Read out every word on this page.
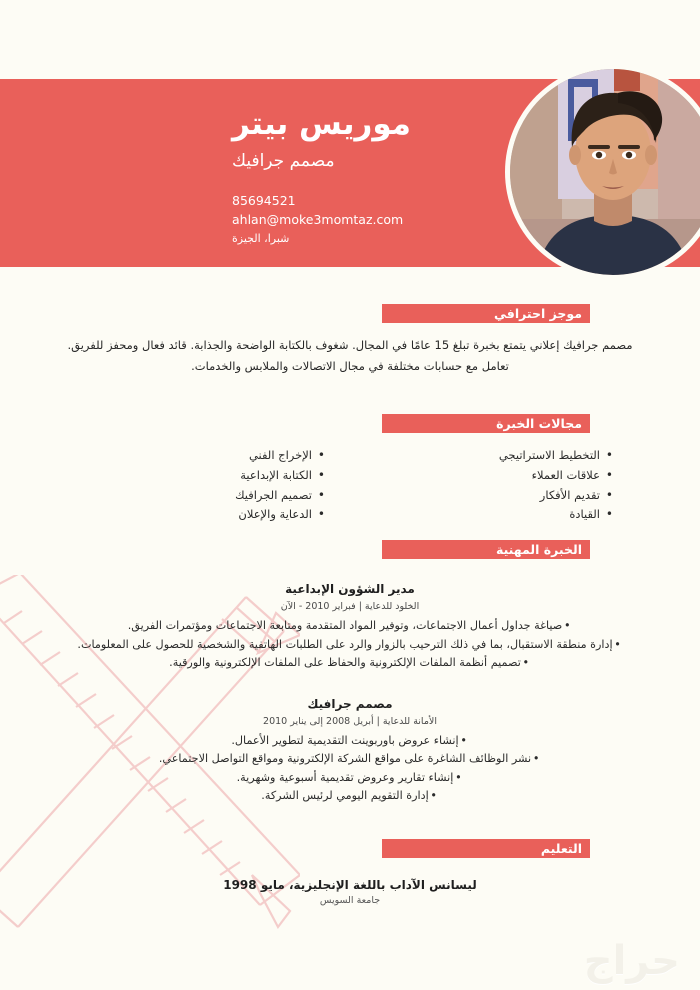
حراج
موريس بيتر
مصمم جرافيك
85694521
ahlan@moke3momtaz.com
شبرا، الجيزة
موجز احترافي
مصمم جرافيك إعلاني يتمتع بخبرة تبلغ 15 عامًا في المجال. شغوف بالكتابة الواضحة والجذابة. قائد فعال ومحفز للفريق. تعامل مع حسابات مختلفة في مجال الاتصالات والملابس والخدمات.
مجالات الخبرة
• الإخراج الفني
• الكتابة الإبداعية
• تصميم الجرافيك
• الدعاية والإعلان
• التخطيط الاستراتيجي
• علاقات العملاء
• تقديم الأفكار
• القيادة
الخبرة المهنية
مدير الشؤون الإبداعية
الخلود للدعاية | فبراير 2010 - الآن
•صياغة جداول أعمال الاجتماعات، وتوفير المواد المتقدمة ومتابعة الاجتماعات ومؤتمرات الفريق.
•إدارة منطقة الاستقبال، بما في ذلك الترحيب بالزوار والرد على الطلبات الهاتفية والشخصية للحصول على المعلومات.
•تصميم أنظمة الملفات الإلكترونية والحفاظ على الملفات الإلكترونية والورقية.
مصمم جرافيك
الأمانة للدعاية | أبريل 2008 إلى يناير 2010
•إنشاء عروض باوربوينت التقديمية لتطوير الأعمال.
•نشر الوظائف الشاغرة على مواقع الشركة الإلكترونية ومواقع التواصل الاجتماعي.
•إنشاء تقارير وعروض تقديمية أسبوعية وشهرية.
•إدارة التقويم اليومي لرئيس الشركة.
التعليم
ليسانس الآداب باللغة الإنجليزية، مايو 1998
جامعة السويس
